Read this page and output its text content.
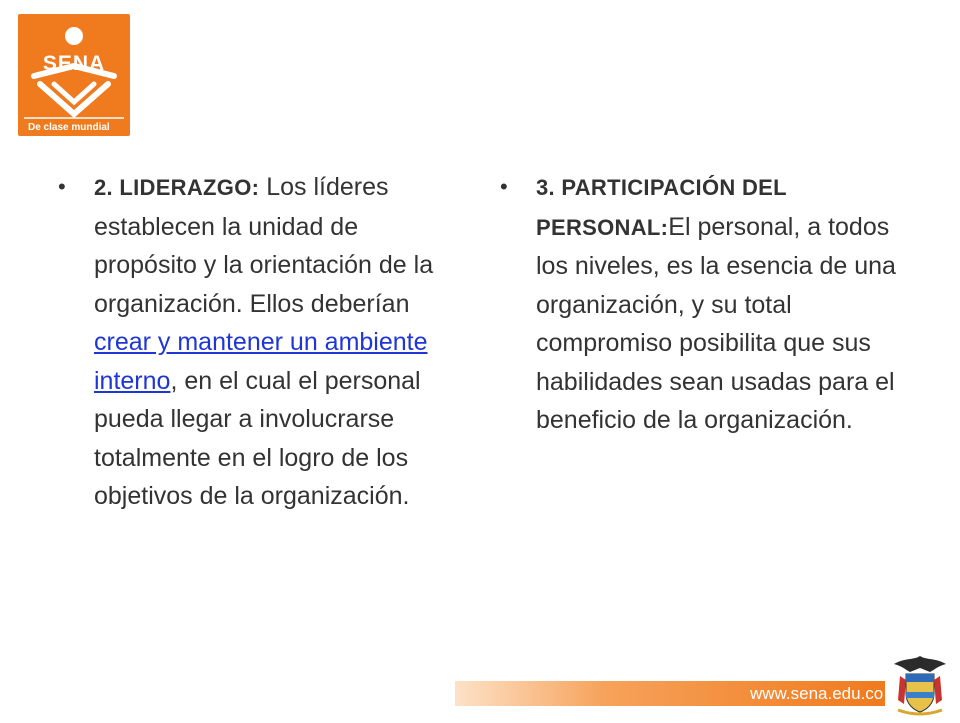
SENA
De clase mundial
• 2. LIDERAZGO: Los líderes establecen la unidad de propósito y la orientación de la organización. Ellos deberían crear y mantener un ambiente interno, en el cual el personal pueda llegar a involucrarse totalmente en el logro de los objetivos de la organización.
• 3. PARTICIPACIÓN DEL PERSONAL:El personal, a todos los niveles, es la esencia de una organización, y su total compromiso posibilita que sus habilidades sean usadas para el beneficio de la organización.
www.sena.edu.co
